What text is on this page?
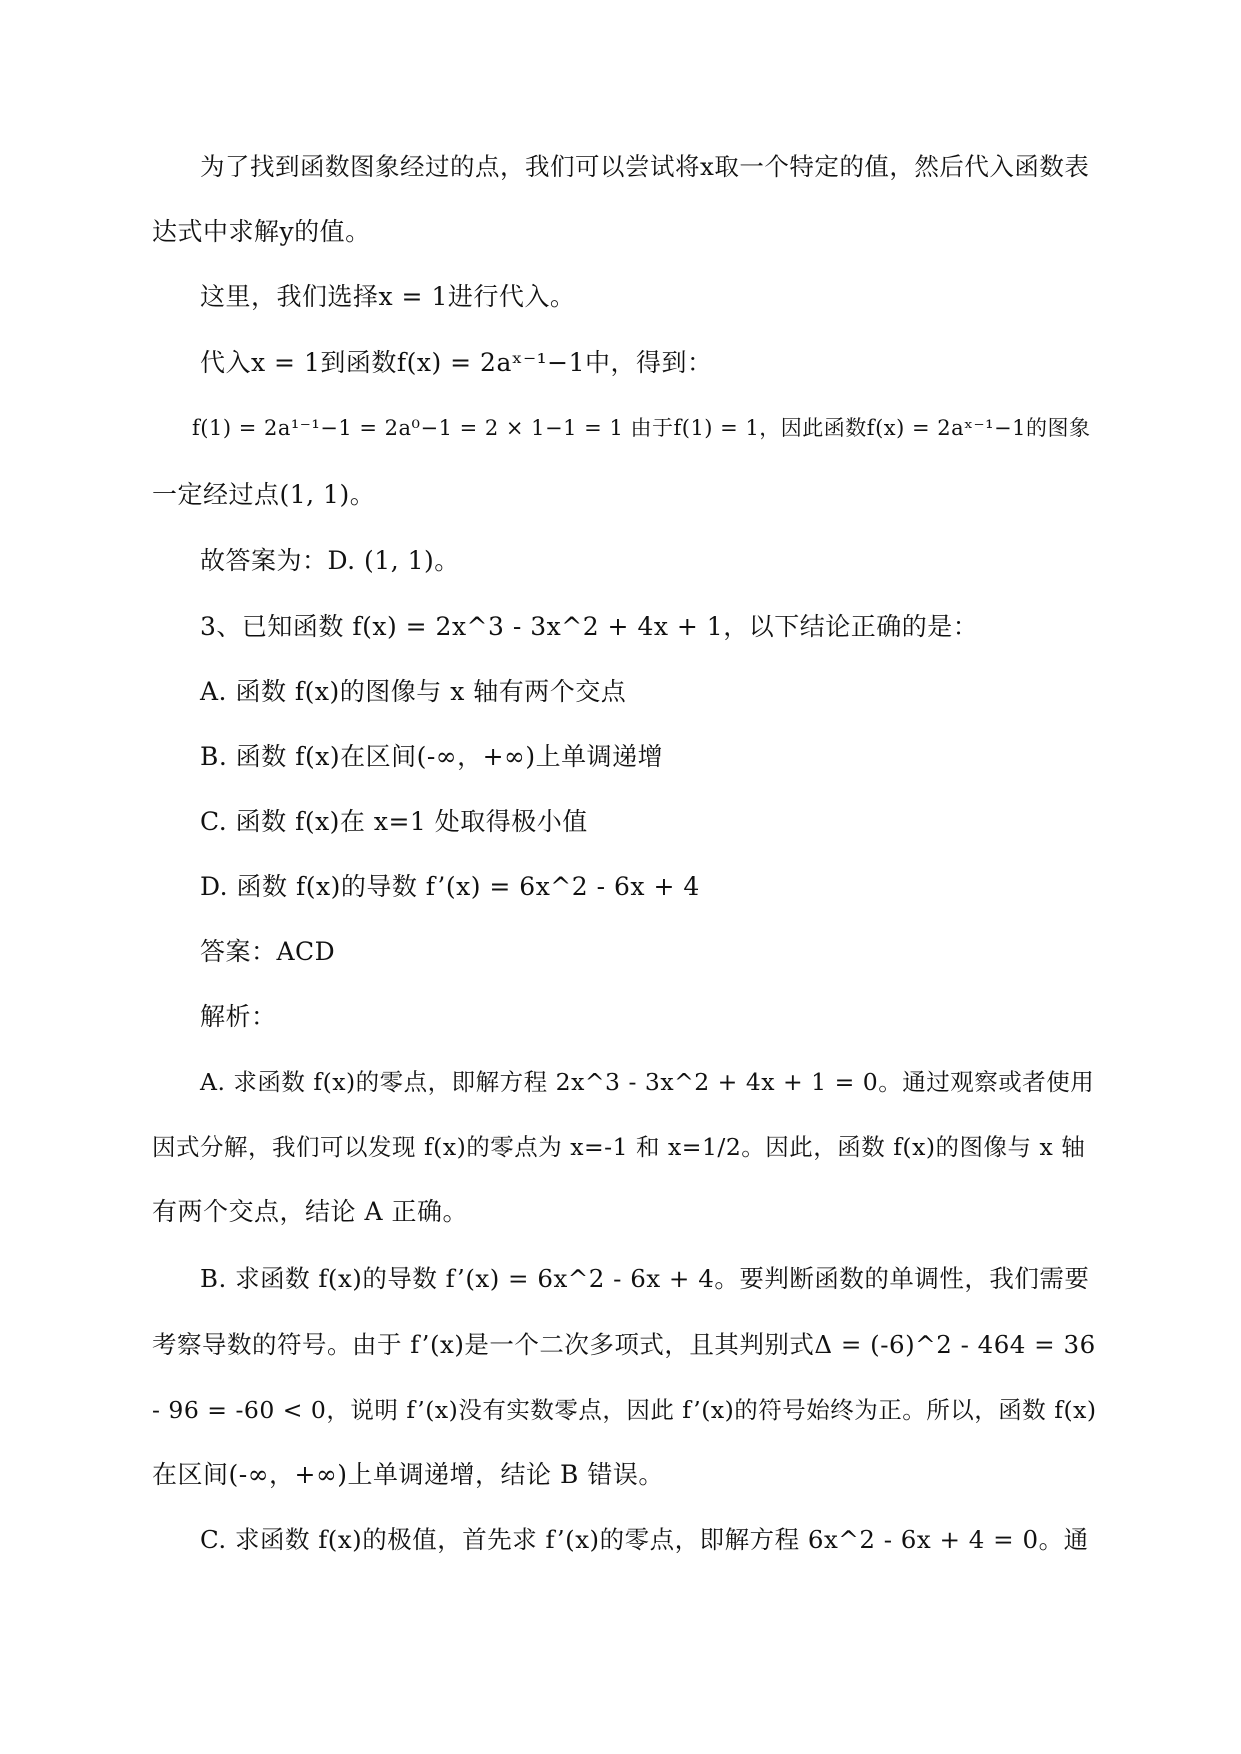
为了找到函数图象经过的点，我们可以尝试将x取一个特定的值，然后代入函数表
达式中求解y的值。
这里，我们选择x = 1进行代入。
代入x = 1到函数f(x) = 2aˣ⁻¹−1中，得到：
f(1) = 2a¹⁻¹−1 = 2a⁰−1 = 2 × 1−1 = 1 由于f(1) = 1，因此函数f(x) = 2aˣ⁻¹−1的图象
一定经过点(1, 1)。
故答案为：D. (1, 1)。
3、已知函数 f(x) = 2x^3 - 3x^2 + 4x + 1，以下结论正确的是：
A. 函数 f(x)的图像与 x 轴有两个交点
B. 函数 f(x)在区间(-∞，+∞)上单调递增
C. 函数 f(x)在 x=1 处取得极小值
D. 函数 f(x)的导数 f’(x) = 6x^2 - 6x + 4
答案：ACD
解析：
A. 求函数 f(x)的零点，即解方程 2x^3 - 3x^2 + 4x + 1 = 0。通过观察或者使用
因式分解，我们可以发现 f(x)的零点为 x=-1 和 x=1/2。因此，函数 f(x)的图像与 x 轴
有两个交点，结论 A 正确。
B. 求函数 f(x)的导数 f’(x) = 6x^2 - 6x + 4。要判断函数的单调性，我们需要
考察导数的符号。由于 f’(x)是一个二次多项式，且其判别式Δ = (-6)^2 - 464 = 36
- 96 = -60 < 0，说明 f’(x)没有实数零点，因此 f’(x)的符号始终为正。所以，函数 f(x)
在区间(-∞，+∞)上单调递增，结论 B 错误。
C. 求函数 f(x)的极值，首先求 f’(x)的零点，即解方程 6x^2 - 6x + 4 = 0。通
